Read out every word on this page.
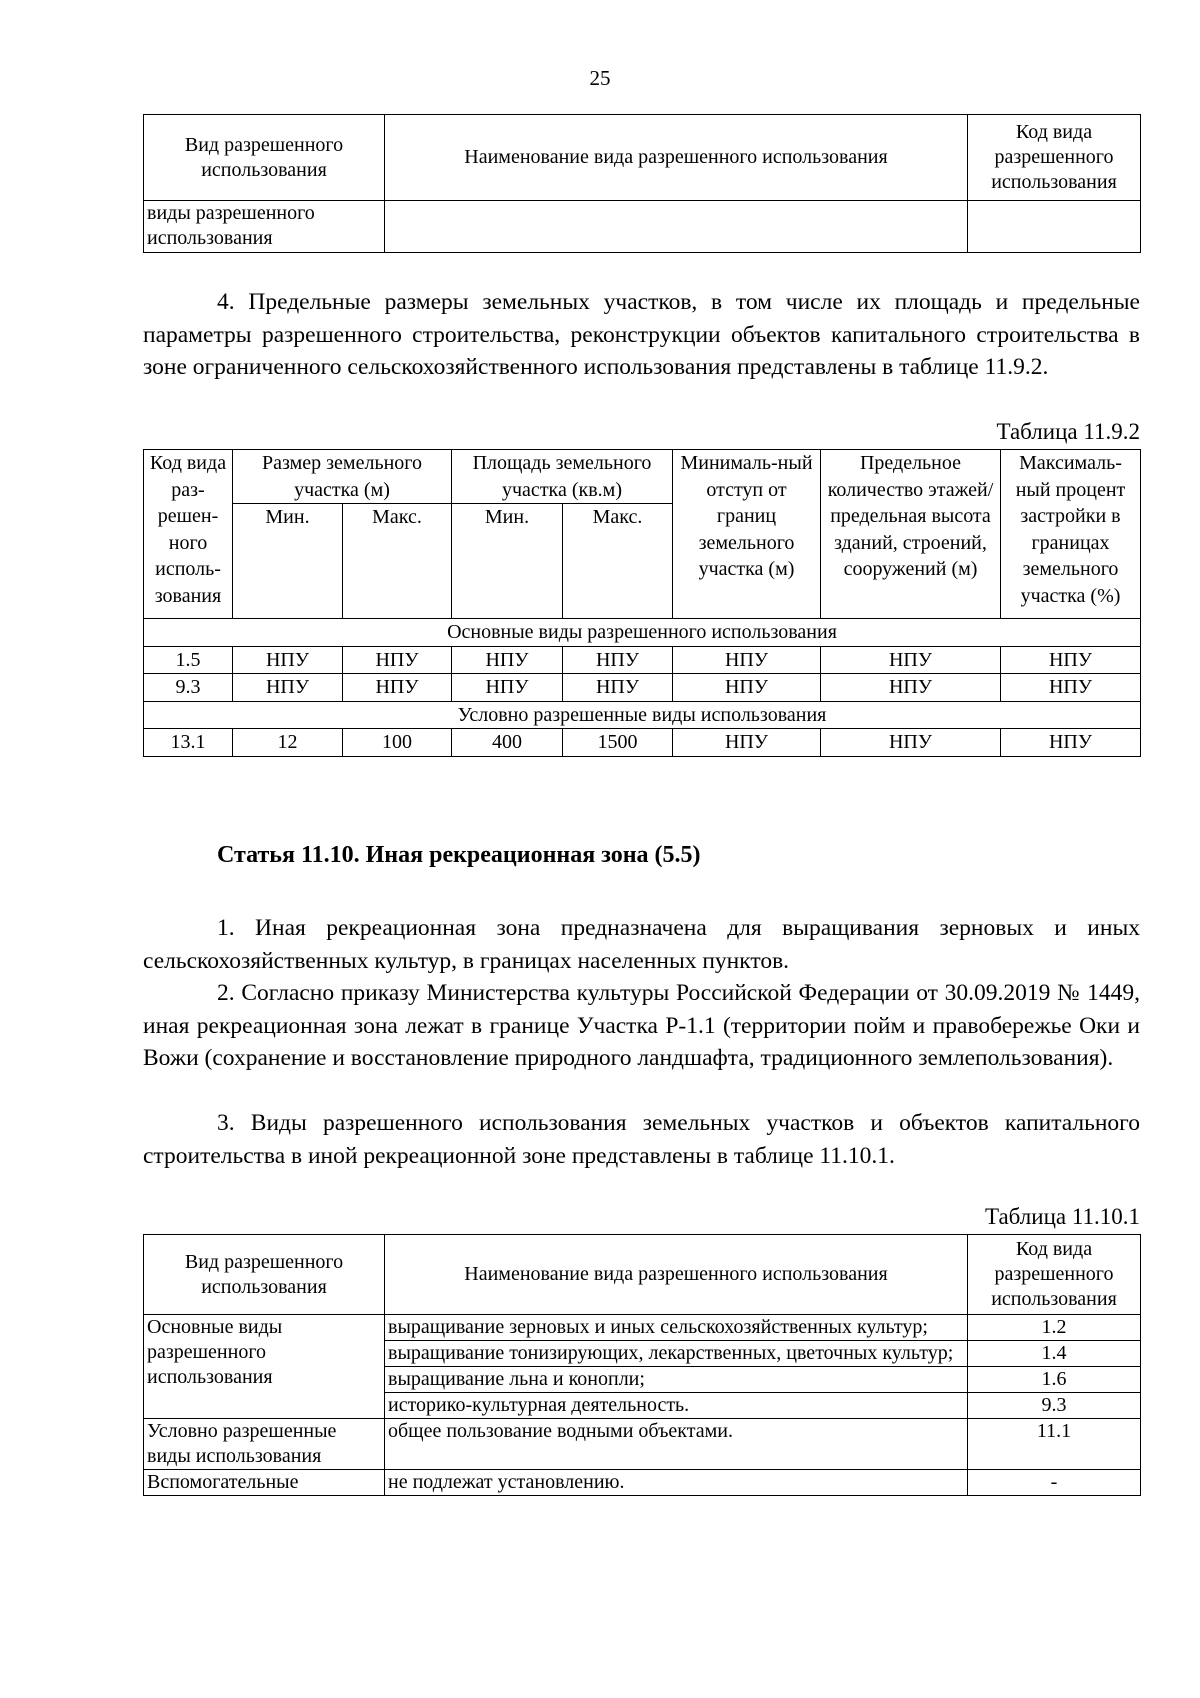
25
Вид разрешенного использования	Наименование вида разрешенного использования	Код вида разрешенного использования
виды разрешенного использования		

4. Предельные размеры земельных участков, в том числе их площадь и предельные параметры разрешенного строительства, реконструкции объектов капитального строительства в зоне ограниченного сельскохозяйственного использования представлены в таблице 11.9.2.

Таблица 11.9.2
Код вида раз-решен-ного исполь-зования	Размер земельного участка (м)		Площадь земельного участка (кв.м)		Минималь-ный отступ от границ земельного участка (м)	Предельное количество этажей/ предельная высота зданий, строений, сооружений (м)	Максималь-ный процент застройки в границах земельного участка (%)
	Мин.	Макс.	Мин.	Макс.			
Основные виды разрешенного использования							
1.5	НПУ	НПУ	НПУ	НПУ	НПУ	НПУ	НПУ
9.3	НПУ	НПУ	НПУ	НПУ	НПУ	НПУ	НПУ
Условно разрешенные виды использования							
13.1	12	100	400	1500	НПУ	НПУ	НПУ
Статья 11.10. Иная рекреационная зона (5.5)

1. Иная рекреационная зона предназначена для выращивания зерновых и иных сельскохозяйственных культур, в границах населенных пунктов.

2. Согласно приказу Министерства культуры Российской Федерации от 30.09.2019 № 1449, иная рекреационная зона лежат в границе Участка Р-1.1 (территории пойм и правобережье Оки и Вожи (сохранение и восстановление природного ландшафта, традиционного землепользования).

3. Виды разрешенного использования земельных участков и объектов капитального строительства в иной рекреационной зоне представлены в таблице 11.10.1.

Таблица 11.10.1
Вид разрешенного использования	Наименование вида разрешенного использования	Код вида разрешенного использования
Основные виды разрешенного использования	выращивание зерновых и иных сельскохозяйственных культур;	1.2
	выращивание тонизирующих, лекарственных, цветочных культур;	1.4
	выращивание льна и конопли;	1.6
	историко-культурная деятельность.	9.3
Условно разрешенные виды использования	общее пользование водными объектами.	11.1
Вспомогательные	не подлежат установлению.	-
